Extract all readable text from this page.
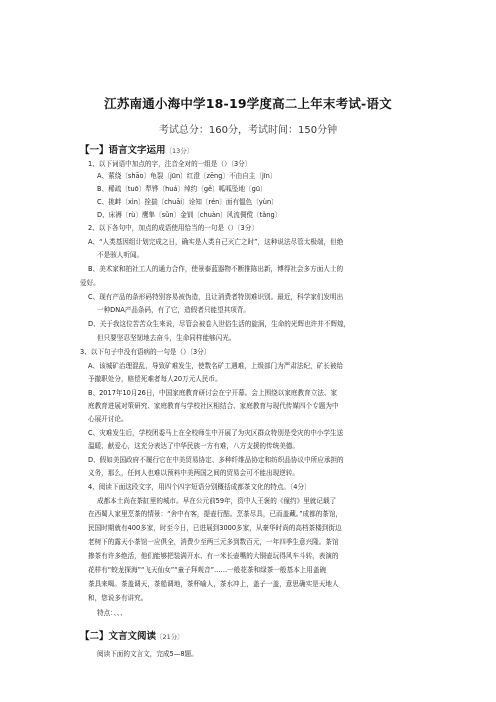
江苏南通小海中学18-19学度高二上年末考试-语文
考试总分：160分，考试时间：150分钟
【一】语言文字运用〔13分〕
1、以下词语中加点的字，注音全对的一组是（）〔3分〕
A、萦绕〔shāo〕龟裂〔jūn〕红澄〔zēng〕不由自主〔jīn〕
B、稀疏〔tuō〕犁铧〔huá〕绰约〔gě〕呱呱坠地〔gū〕
C、挑衅〔xìn〕拴揣〔chuāi〕诠知〔rén〕面有愠色〔yùn〕
D、床褥〔rù〕鹰隼〔sǔn〕金钏〔chuàn〕风流倜傥〔tǎng〕
2、以下各句中，加点的成语使用恰当的一句是（）〔3分〕
A、“人类基因组计划完成之日，确实是人类自己灭亡之时”，这种说法尽管太极端，但绝
不是骇人听闻。
B、美术家和拍社工人的通力合作，使景泰蓝器物不断推陈出新，博得社会多方面人士的
爱好。
C、现有产品的条形码特别容易被伪造，且让消费者特别难识别。最近，科学家们发明出
一种DNA产品条码，有了它，造假者只能望其项背。
D、关于我这位苦苦众生来说，尽管会被卷入世俗生活的旋涡，生命的光辉也许并不辉煌，
但只要坚忍坚韧地去奋斗，生命同样能够闪光。
3、以下句子中没有语病的一句是（）〔3分〕
A、该城矿治理混乱，导致矿难发生，使数名矿工遇难，上级部门为严肃法纪，矿长被给
予撤职处分，赔偿死难者每人20万元人民币。
B、2017年10月26日，中国家庭教育研讨会在宁开幕。会上围绕以家庭教育立法、家
庭教育进展对策研究、家庭教育与学校社区相结合、家庭教育与现代传媒四个专题为中
心展开讨论。
C、灾难发生后，学校团委马上在全校师生中开展了为灾区群众特别是受灾的中小学生送
温暖、献爱心，这充分表达了中华民族一方有难，八方支援的传统美德。
D、假如美国政府不履行它在中美贸易协定、多种纤维品协定和纺织品协议中所应承担的
义务，那么，任何人也难以预料中美两国之间的贸易会可不能出现逆转。
4、阅读下面这段文字，用四个四字短语分别概括成都茶文化的特点。〔4分〕
成都本土尚在茶缸里的城市。早在公元前59年，资中人王褒的《僮约》里就记载了
在西蜀人家里烹茶的情景：“舍中有客，提壶行酤。烹茶尽具，已而盖藏。”成都的茶馆，
民国时期就有400多家，时至今日，已进展到3000多家，从豪华时尚的高档茶楼到街边
老树下的露天小茶馆一应俱全，消费少至两三元多到数百元，一年四季生意兴隆。茶馆
掺茶有许多绝活，他们能够把装满开水、有一米长壶嘴的大铜壶玩得风车斗转，表演的
花样有“蛟龙探海”“飞天仙女”“童子拜观音”……一般花茶和绿茶一般基本上用盖碗
茶具来喝。茶盖调天，茶船调地，茶杯喻人，茶水冲上，盖子一盖，意思确实是天地人
和，您说多有讲究。
特点：、、、
【二】文言文阅读〔21分〕
阅读下面的文言文，完成5—8题。
